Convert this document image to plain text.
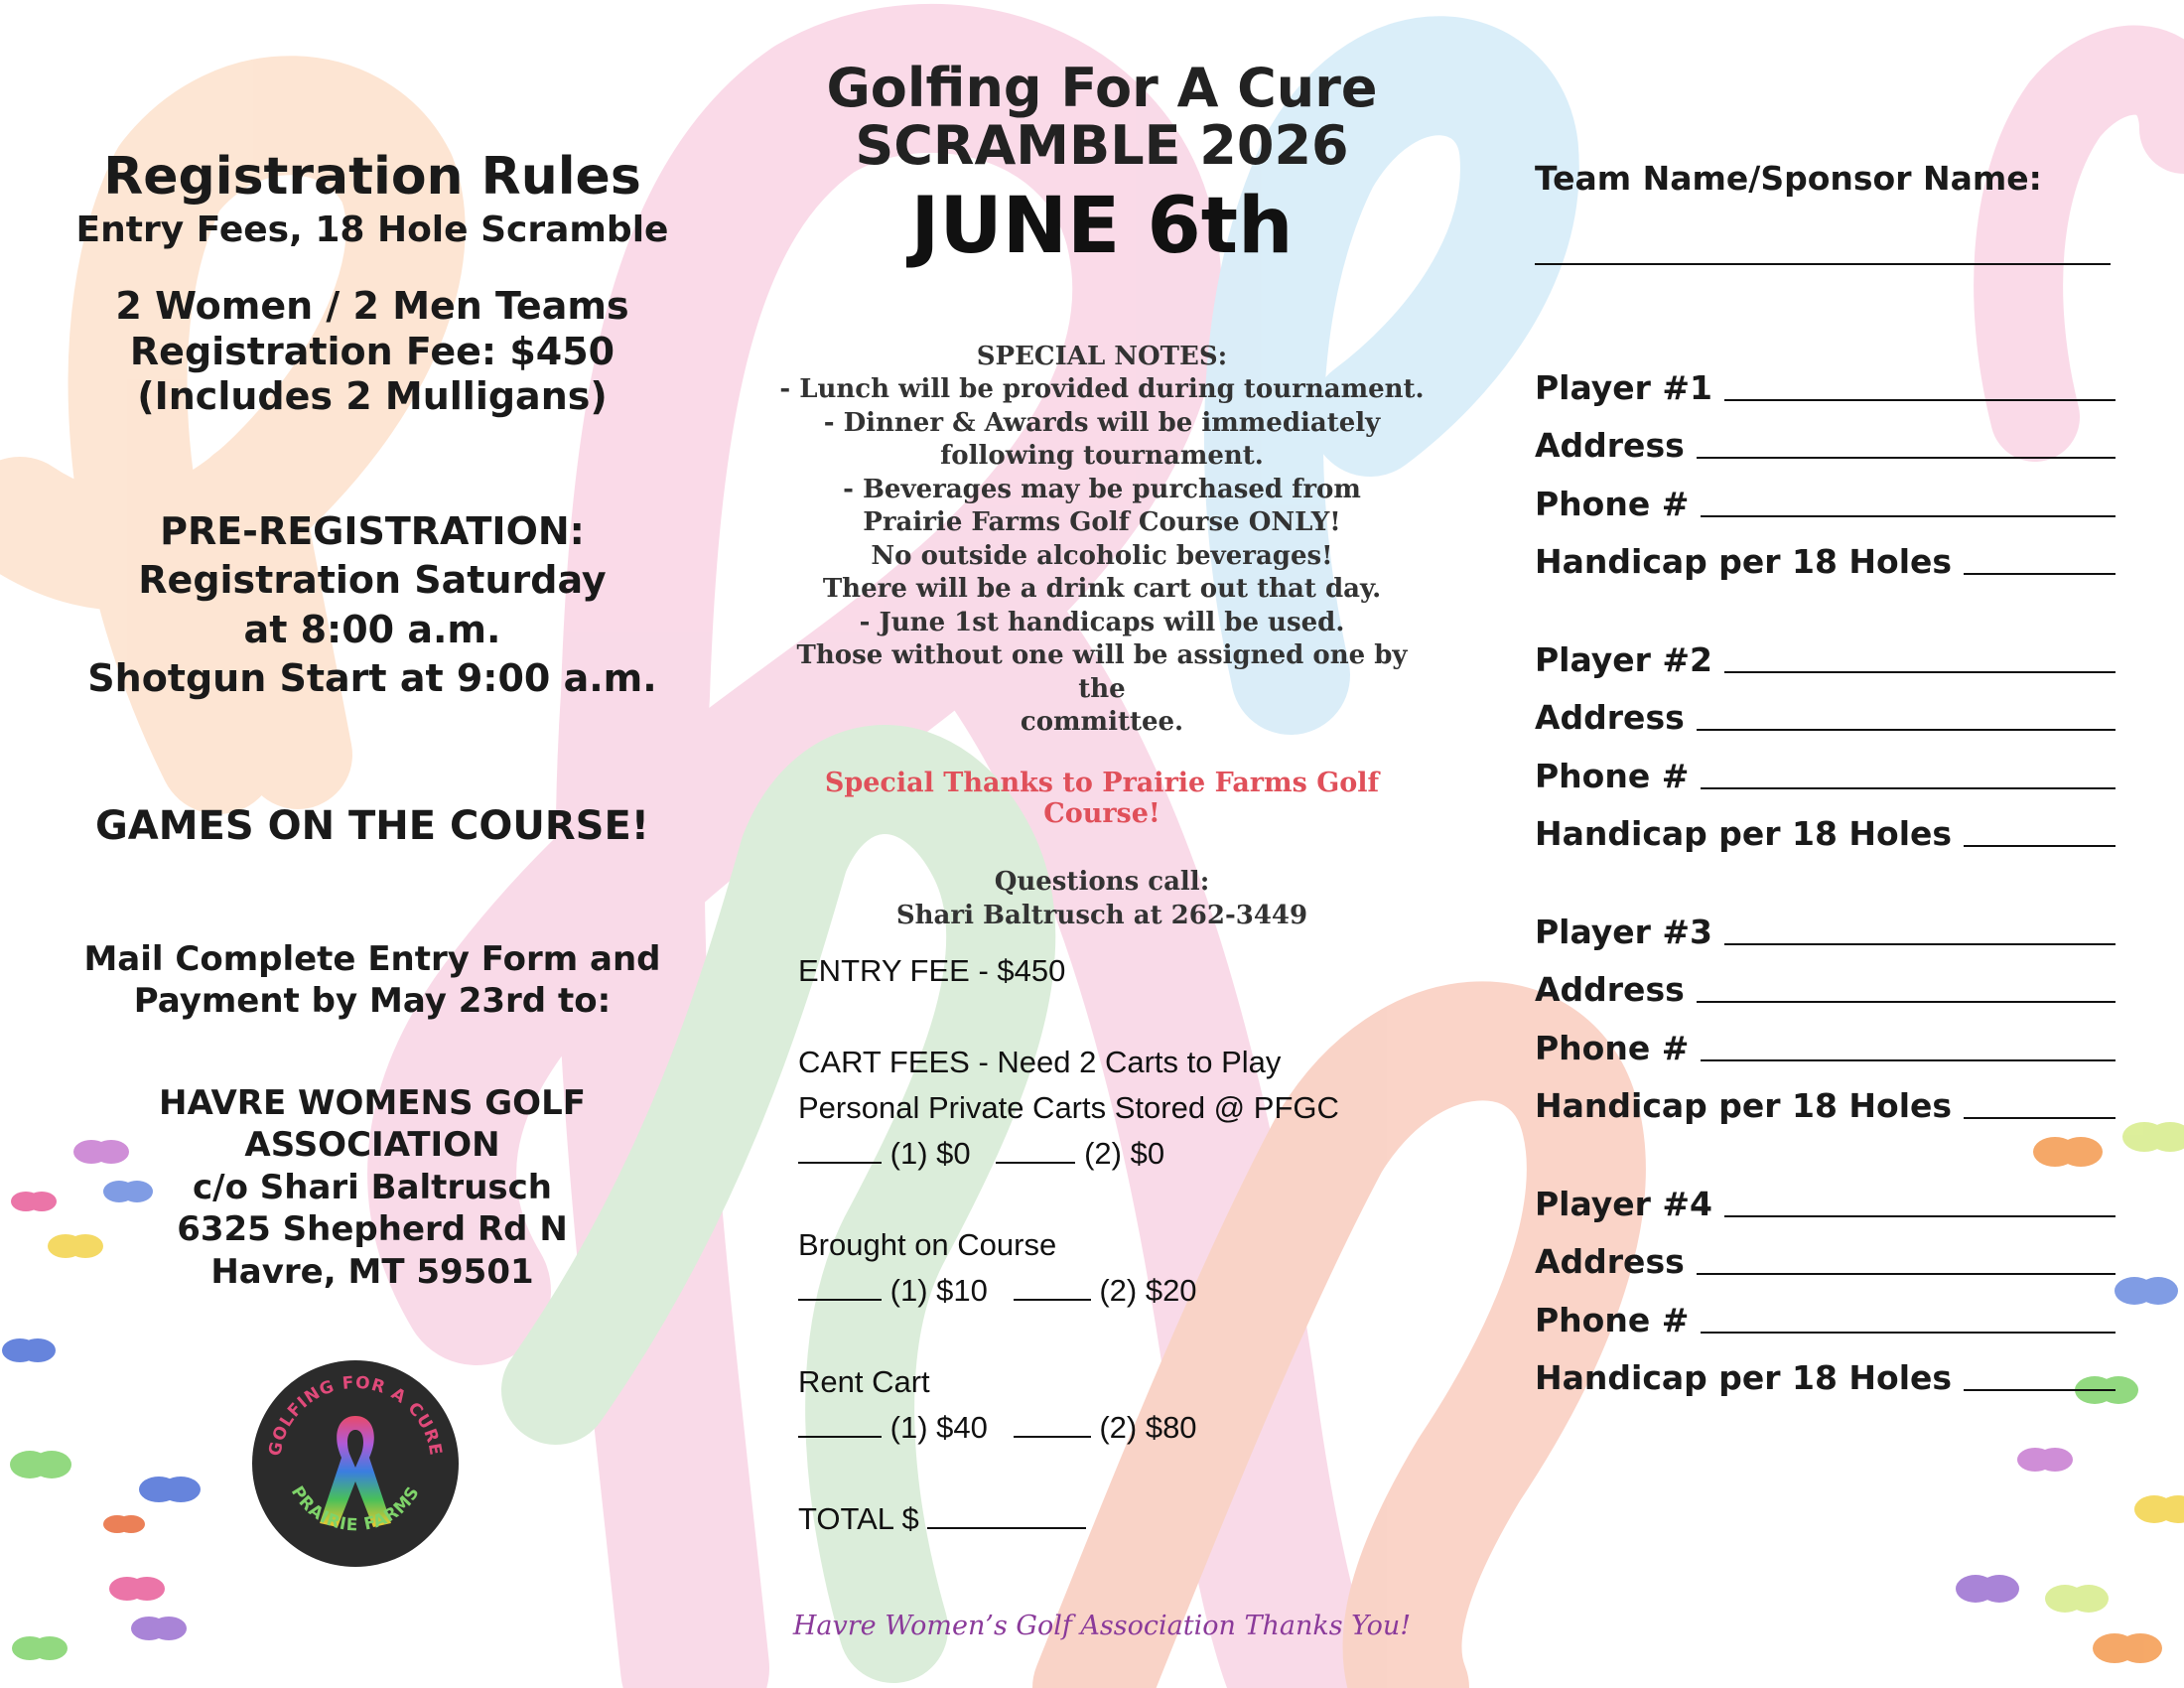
Registration Rules
Entry Fees, 18 Hole Scramble
2 Women / 2 Men Teams
Registration Fee: $450
(Includes 2 Mulligans)
PRE-REGISTRATION:
Registration Saturday
at 8:00 a.m.
Shotgun Start at 9:00 a.m.
GAMES ON THE COURSE!
Mail Complete Entry Form and
Payment by May 23rd to:
HAVRE WOMENS GOLF
ASSOCIATION
c/o Shari Baltrusch
6325 Shepherd Rd N
Havre, MT 59501
GOLFING FOR A CURE
PRAIRIE FARMS
Golfing For A Cure
SCRAMBLE 2026
JUNE 6th
SPECIAL NOTES:
- Lunch will be provided during tournament.
- Dinner & Awards will be immediately
following tournament.
- Beverages may be purchased from
Prairie Farms Golf Course ONLY!
No outside alcoholic beverages!
There will be a drink cart out that day.
- June 1st handicaps will be used.
Those without one will be assigned one by the
committee.
Special Thanks to Prairie Farms Golf Course!
Questions call:
Shari Baltrusch at 262-3449
ENTRY FEE - $450
CART FEES - Need 2 Carts to Play
Personal Private Carts Stored @ PFGC
(1) $0	(2) $0
Brought on Course
(1) $10	(2) $20
Rent Cart
(1) $40	(2) $80
TOTAL $
Havre Women’s Golf Association Thanks You!
Team Name/Sponsor Name:
Player #1
Address
Phone #
Handicap per 18 Holes
Player #2
Address
Phone #
Handicap per 18 Holes
Player #3
Address
Phone #
Handicap per 18 Holes
Player #4
Address
Phone #
Handicap per 18 Holes
